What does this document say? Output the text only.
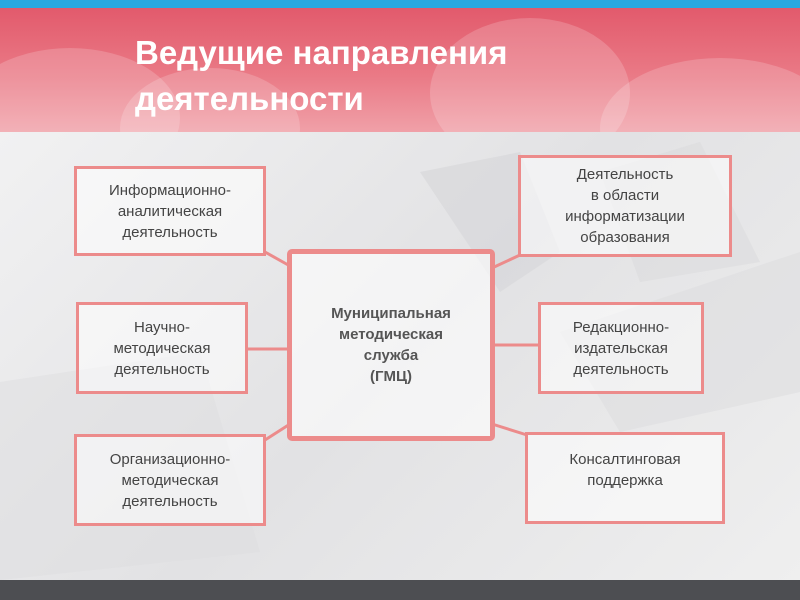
Ведущие направления
деятельности
Информационно-
аналитическая
деятельность
Научно-
методическая
деятельность
Организационно-
методическая
деятельность
Муниципальная
методическая
служба
(ГМЦ)
Деятельность
в области
информатизации
образования
Редакционно-
издательская
деятельность
Консалтинговая
поддержка
